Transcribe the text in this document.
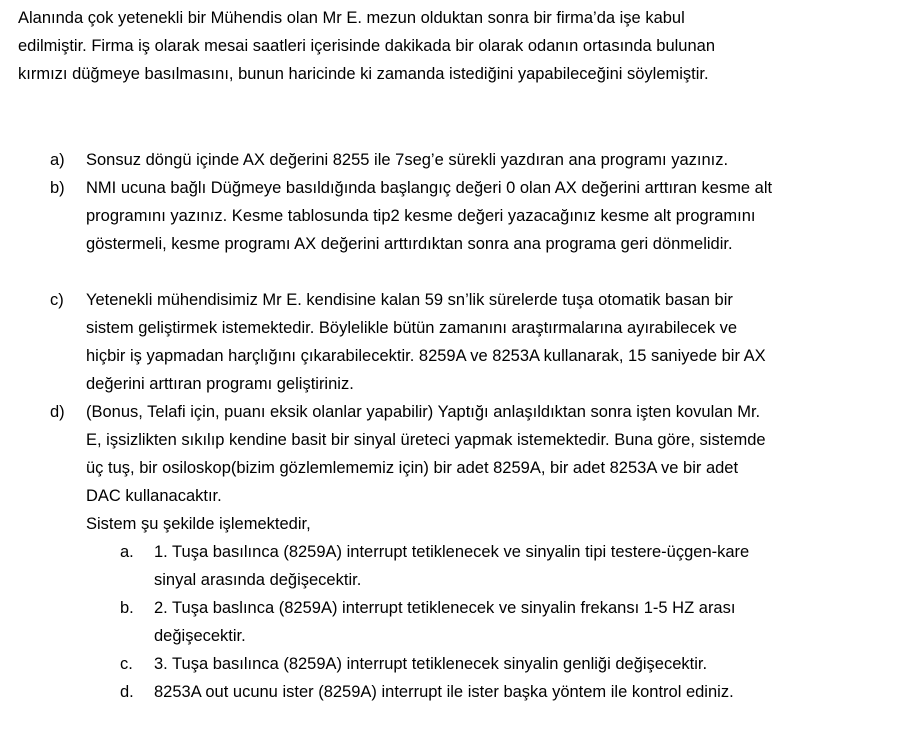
Alanında çok yetenekli bir Mühendis olan Mr E. mezun olduktan sonra bir firma’da işe kabul
edilmiştir. Firma iş olarak mesai saatleri içerisinde dakikada bir olarak odanın ortasında bulunan
kırmızı düğmeye basılmasını, bunun haricinde ki zamanda istediğini yapabileceğini söylemiştir.
a) Sonsuz döngü içinde AX değerini 8255 ile 7seg’e sürekli yazdıran ana programı yazınız.
b) NMI ucuna bağlı Düğmeye basıldığında başlangıç değeri 0 olan AX değerini arttıran kesme alt
programını yazınız. Kesme tablosunda tip2 kesme değeri yazacağınız kesme alt programını
göstermeli, kesme programı AX değerini arttırdıktan sonra ana programa geri dönmelidir.
c) Yetenekli mühendisimiz Mr E. kendisine kalan 59 sn’lik sürelerde tuşa otomatik basan bir
sistem geliştirmek istemektedir. Böylelikle bütün zamanını araştırmalarına ayırabilecek ve
hiçbir iş yapmadan harçlığını çıkarabilecektir. 8259A ve 8253A kullanarak, 15 saniyede bir AX
değerini arttıran programı geliştiriniz.
d) (Bonus, Telafi için, puanı eksik olanlar yapabilir) Yaptığı anlaşıldıktan sonra işten kovulan Mr.
E, işsizlikten sıkılıp kendine basit bir sinyal üreteci yapmak istemektedir. Buna göre, sistemde
üç tuş, bir osiloskop(bizim gözlemlememiz için) bir adet 8259A, bir adet 8253A ve bir adet
DAC kullanacaktır.
Sistem şu şekilde işlemektedir,
a. 1. Tuşa basılınca (8259A) interrupt tetiklenecek ve sinyalin tipi testere-üçgen-kare
sinyal arasında değişecektir.
b. 2. Tuşa baslınca (8259A) interrupt tetiklenecek ve sinyalin frekansı 1-5 HZ arası
değişecektir.
c. 3. Tuşa basılınca (8259A) interrupt tetiklenecek sinyalin genliği değişecektir.
d. 8253A out ucunu ister (8259A) interrupt ile ister başka yöntem ile kontrol ediniz.
